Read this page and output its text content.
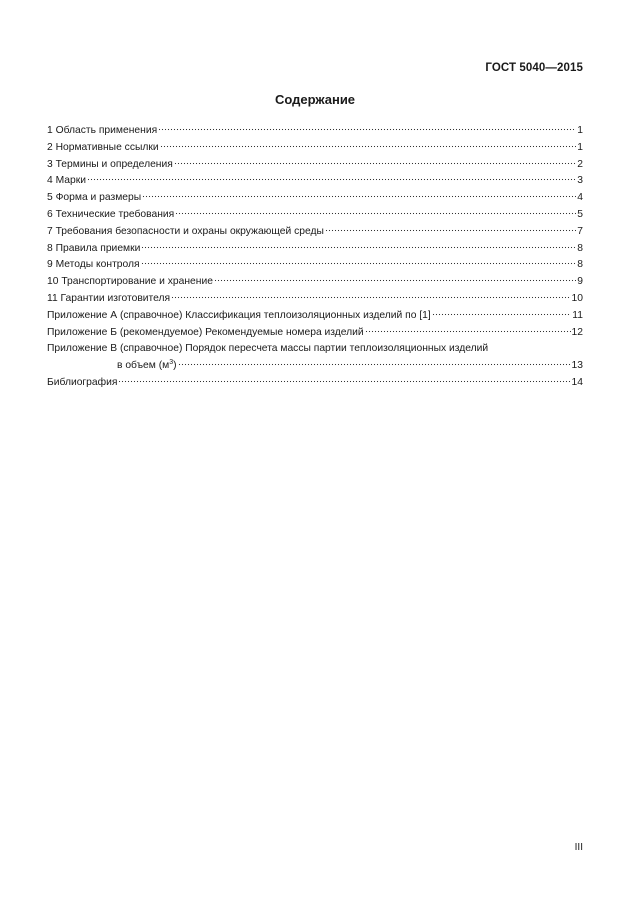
ГОСТ 5040—2015
Содержание
1 Область применения	1
2 Нормативные ссылки	1
3 Термины и определения	2
4 Марки	3
5 Форма и размеры	4
6 Технические требования	5
7 Требования безопасности и охраны окружающей среды	7
8 Правила приемки	8
9 Методы контроля	8
10 Транспортирование и хранение	9
11 Гарантии изготовителя	10
Приложение А (справочное) Классификация теплоизоляционных изделий по [1]	11
Приложение Б (рекомендуемое) Рекомендуемые номера изделий	12
Приложение В (справочное) Порядок пересчета массы партии теплоизоляционных изделий
в объем $(м^3)$	13
Библиография	14
III
